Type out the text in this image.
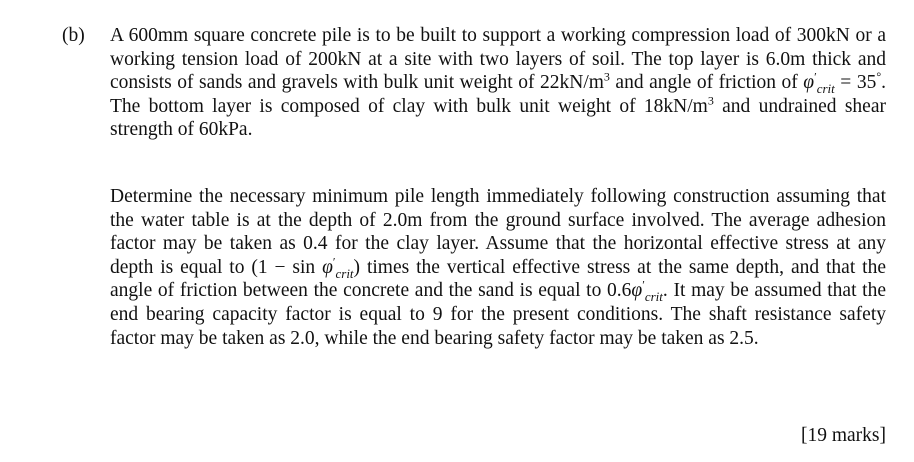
(b) A 600mm square concrete pile is to be built to support a working compression load of 300kN or a working tension load of 200kN at a site with two layers of soil. The top layer is 6.0m thick and consists of sands and gravels with bulk unit weight of $22kN/m^3$ and angle of friction of $\varphi'_{crit} = 35^\circ$. The bottom layer is composed of clay with bulk unit weight of $18kN/m^3$ and undrained shear strength of 60kPa.
Determine the necessary minimum pile length immediately following construction assuming that the water table is at the depth of 2.0m from the ground surface involved. The average adhesion factor may be taken as 0.4 for the clay layer. Assume that the horizontal effective stress at any depth is equal to $(1 - \sin \varphi'_{crit})$ times the vertical effective stress at the same depth, and that the angle of friction between the concrete and the sand is equal to $0.6\varphi'_{crit}$. It may be assumed that the end bearing capacity factor is equal to 9 for the present conditions. The shaft resistance safety factor may be taken as 2.0, while the end bearing safety factor may be taken as 2.5.
[19 marks]
